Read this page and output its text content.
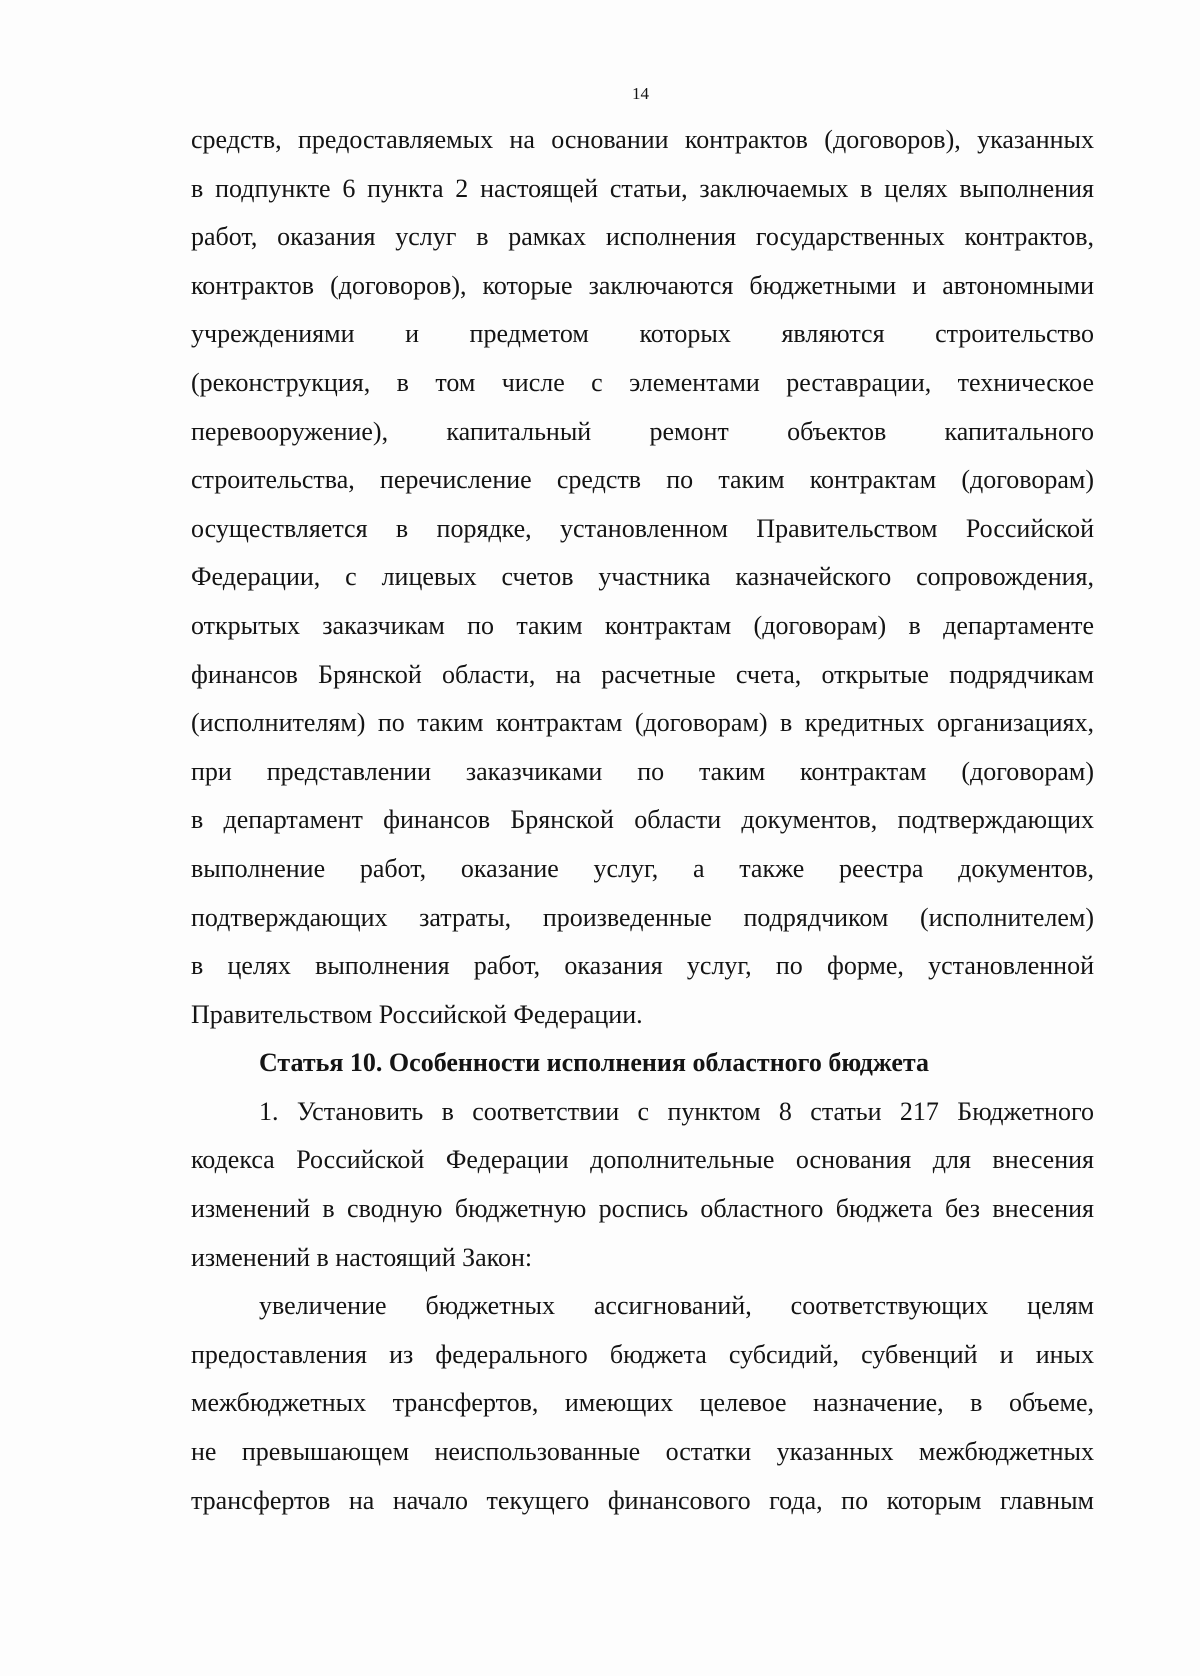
14
средств, предоставляемых на основании контрактов (договоров), указанных
в подпункте 6 пункта 2 настоящей статьи, заключаемых в целях выполнения
работ, оказания услуг в рамках исполнения государственных контрактов,
контрактов (договоров), которые заключаются бюджетными и автономными
учреждениями и предметом которых являются строительство
(реконструкция, в том числе с элементами реставрации, техническое
перевооружение), капитальный ремонт объектов капитального
строительства, перечисление средств по таким контрактам (договорам)
осуществляется в порядке, установленном Правительством Российской
Федерации, с лицевых счетов участника казначейского сопровождения,
открытых заказчикам по таким контрактам (договорам) в департаменте
финансов Брянской области, на расчетные счета, открытые подрядчикам
(исполнителям) по таким контрактам (договорам) в кредитных организациях,
при представлении заказчиками по таким контрактам (договорам)
в департамент финансов Брянской области документов, подтверждающих
выполнение работ, оказание услуг, а также реестра документов,
подтверждающих затраты, произведенные подрядчиком (исполнителем)
в целях выполнения работ, оказания услуг, по форме, установленной
Правительством Российской Федерации.
Статья 10. Особенности исполнения областного бюджета
1. Установить в соответствии с пунктом 8 статьи 217 Бюджетного
кодекса Российской Федерации дополнительные основания для внесения
изменений в сводную бюджетную роспись областного бюджета без внесения
изменений в настоящий Закон:
увеличение бюджетных ассигнований, соответствующих целям
предоставления из федерального бюджета субсидий, субвенций и иных
межбюджетных трансфертов, имеющих целевое назначение, в объеме,
не превышающем неиспользованные остатки указанных межбюджетных
трансфертов на начало текущего финансового года, по которым главным
